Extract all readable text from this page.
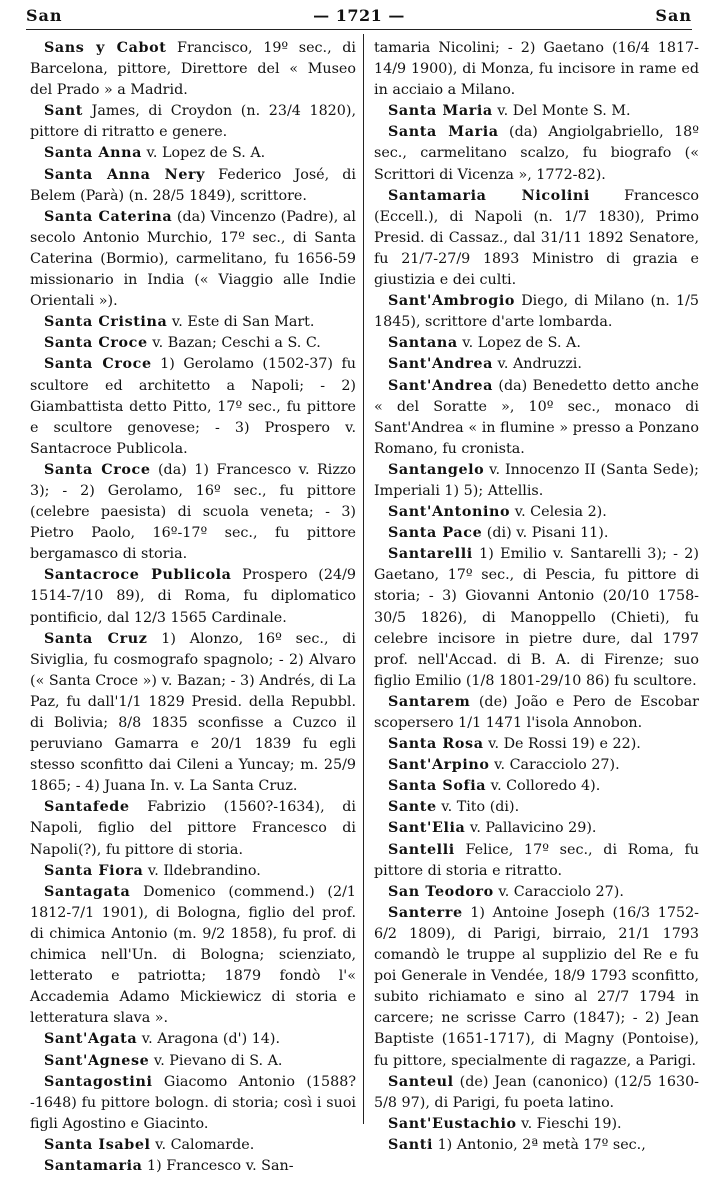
San	— 1721 —	San

Sans y Cabot Francisco, 19º sec., di Barcelona, pittore, Direttore del « Museo del Prado » a Madrid.

Sant James, di Croydon (n. 23/4 1820), pittore di ritratto e genere.

Santa Anna v. Lopez de S. A.

Santa Anna Nery Federico José, di Belem (Parà) (n. 28/5 1849), scrittore.

Santa Caterina (da) Vincenzo (Padre), al secolo Antonio Murchio, 17º sec., di Santa Caterina (Bormio), carmelitano, fu 1656-59 missionario in India (« Viaggio alle Indie Orientali »).

Santa Cristina v. Este di San Mart.

Santa Croce v. Bazan; Ceschi a S. C.

Santa Croce 1) Gerolamo (1502-37) fu scultore ed architetto a Napoli; - 2) Giambattista detto Pitto, 17º sec., fu pittore e scultore genovese; - 3) Prospero v. Santacroce Publicola.

Santa Croce (da) 1) Francesco v. Rizzo 3); - 2) Gerolamo, 16º sec., fu pittore (celebre paesista) di scuola veneta; - 3) Pietro Paolo, 16º-17º sec., fu pittore bergamasco di storia.

Santacroce Publicola Prospero (24/9 1514-7/10 89), di Roma, fu diplomatico pontificio, dal 12/3 1565 Cardinale.

Santa Cruz 1) Alonzo, 16º sec., di Siviglia, fu cosmografo spagnolo; - 2) Alvaro (« Santa Croce ») v. Bazan; - 3) Andrés, di La Paz, fu dall'1/1 1829 Presid. della Repubbl. di Bolivia; 8/8 1835 sconfisse a Cuzco il peruviano Gamarra e 20/1 1839 fu egli stesso sconfitto dai Cileni a Yuncay; m. 25/9 1865; - 4) Juana In. v. La Santa Cruz.

Santafede Fabrizio (1560?-1634), di Napoli, figlio del pittore Francesco di Napoli(?), fu pittore di storia.

Santa Fiora v. Ildebrandino.

Santagata Domenico (commend.) (2/1 1812-7/1 1901), di Bologna, figlio del prof. di chimica Antonio (m. 9/2 1858), fu prof. di chimica nell'Un. di Bologna; scienziato, letterato e patriotta; 1879 fondò l'« Accademia Adamo Mickiewicz di storia e letteratura slava ».

Sant'Agata v. Aragona (d') 14).

Sant'Agnese v. Pievano di S. A.

Santagostini Giacomo Antonio (1588?-1648) fu pittore bologn. di storia; così i suoi figli Agostino e Giacinto.

Santa Isabel v. Calomarde.

Santamaria 1) Francesco v. San-

tamaria Nicolini; - 2) Gaetano (16/4 1817-14/9 1900), di Monza, fu incisore in rame ed in acciaio a Milano.

Santa Maria v. Del Monte S. M.

Santa Maria (da) Angiolgabriello, 18º sec., carmelitano scalzo, fu biografo (« Scrittori di Vicenza », 1772-82).

Santamaria Nicolini Francesco (Eccell.), di Napoli (n. 1/7 1830), Primo Presid. di Cassaz., dal 31/11 1892 Senatore, fu 21/7-27/9 1893 Ministro di grazia e giustizia e dei culti.

Sant'Ambrogio Diego, di Milano (n. 1/5 1845), scrittore d'arte lombarda.

Santana v. Lopez de S. A.

Sant'Andrea v. Andruzzi.

Sant'Andrea (da) Benedetto detto anche « del Soratte », 10º sec., monaco di Sant'Andrea « in flumine » presso a Ponzano Romano, fu cronista.

Santangelo v. Innocenzo II (Santa Sede); Imperiali 1) 5); Attellis.

Sant'Antonino v. Celesia 2).

Santa Pace (di) v. Pisani 11).

Santarelli 1) Emilio v. Santarelli 3); - 2) Gaetano, 17º sec., di Pescia, fu pittore di storia; - 3) Giovanni Antonio (20/10 1758-30/5 1826), di Manoppello (Chieti), fu celebre incisore in pietre dure, dal 1797 prof. nell'Accad. di B. A. di Firenze; suo figlio Emilio (1/8 1801-29/10 86) fu scultore.

Santarem (de) João e Pero de Escobar scopersero 1/1 1471 l'isola Annobon.

Santa Rosa v. De Rossi 19) e 22).

Sant'Arpino v. Caracciolo 27).

Santa Sofia v. Colloredo 4).

Sante v. Tito (di).

Sant'Elia v. Pallavicino 29).

Santelli Felice, 17º sec., di Roma, fu pittore di storia e ritratto.

San Teodoro v. Caracciolo 27).

Santerre 1) Antoine Joseph (16/3 1752-6/2 1809), di Parigi, birraio, 21/1 1793 comandò le truppe al supplizio del Re e fu poi Generale in Vendée, 18/9 1793 sconfitto, subito richiamato e sino al 27/7 1794 in carcere; ne scrisse Carro (1847); - 2) Jean Baptiste (1651-1717), di Magny (Pontoise), fu pittore, specialmente di ragazze, a Parigi.

Santeul (de) Jean (canonico) (12/5 1630-5/8 97), di Parigi, fu poeta latino.

Sant'Eustachio v. Fieschi 19).

Santi 1) Antonio, 2ª metà 17º sec.,
